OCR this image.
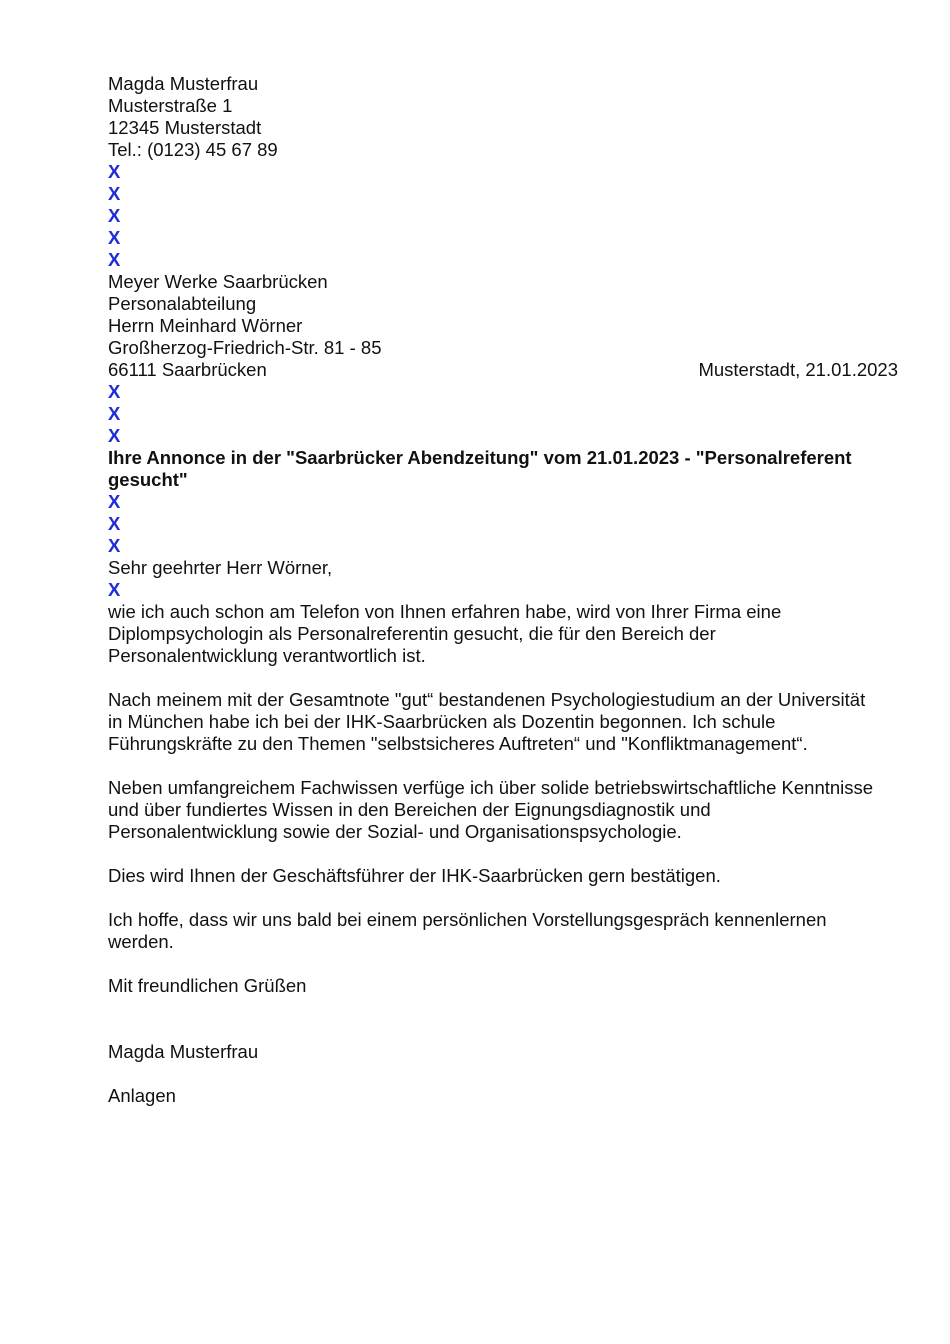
Magda Musterfrau
Musterstraße 1
12345 Musterstadt
Tel.: (0123) 45 67 89
X
X
X
X
X
Meyer Werke Saarbrücken
Personalabteilung
Herrn Meinhard Wörner
Großherzog-Friedrich-Str. 81 - 85
66111 Saarbrücken	Musterstadt, 21.01.2023
X
X
X
Ihre Annonce in der "Saarbrücker Abendzeitung" vom 21.01.2023 - "Personalreferent
gesucht"
X
X
X
Sehr geehrter Herr Wörner,
X
wie ich auch schon am Telefon von Ihnen erfahren habe, wird von Ihrer Firma eine
Diplompsychologin als Personalreferentin gesucht, die für den Bereich der
Personalentwicklung verantwortlich ist.
Nach meinem mit der Gesamtnote "gut“ bestandenen Psychologiestudium an der Universität
in München habe ich bei der IHK-Saarbrücken als Dozentin begonnen. Ich schule
Führungskräfte zu den Themen "selbstsicheres Auftreten“ und "Konfliktmanagement“.
Neben umfangreichem Fachwissen verfüge ich über solide betriebswirtschaftliche Kenntnisse
und über fundiertes Wissen in den Bereichen der Eignungsdiagnostik und
Personalentwicklung sowie der Sozial- und Organisationspsychologie.
Dies wird Ihnen der Geschäftsführer der IHK-Saarbrücken gern bestätigen.
Ich hoffe, dass wir uns bald bei einem persönlichen Vorstellungsgespräch kennenlernen
werden.
Mit freundlichen Grüßen
Magda Musterfrau
Anlagen
